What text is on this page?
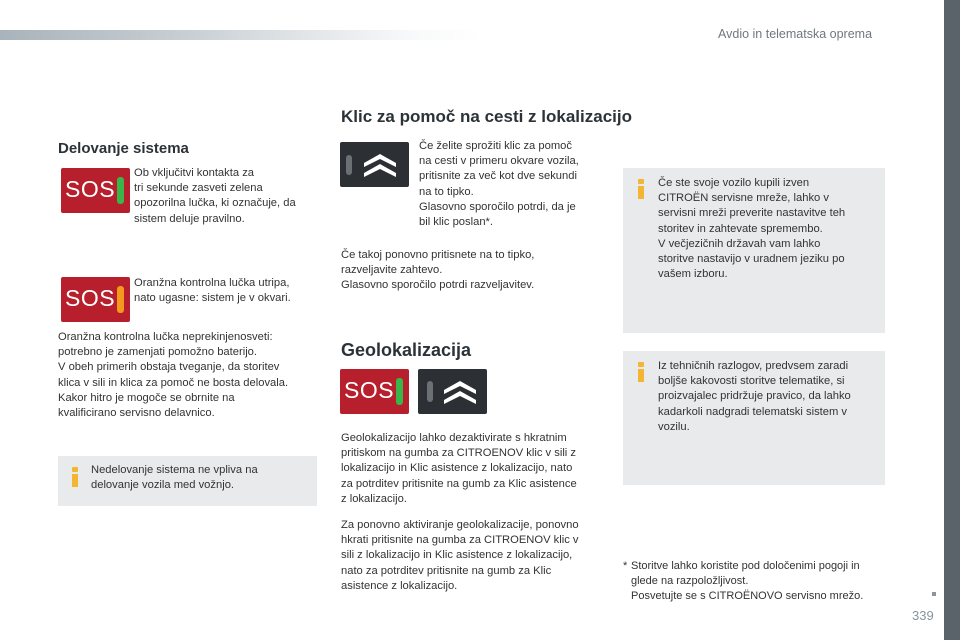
Avdio in telematska oprema
339
Delovanje sistema
SOS
Ob vključitvi kontakta za
tri sekunde zasveti zelena
opozorilna lučka, ki označuje, da
sistem deluje pravilno.
SOS
Oranžna kontrolna lučka utripa,
nato ugasne: sistem je v okvari.
Oranžna kontrolna lučka neprekinjenosveti:
potrebno je zamenjati pomožno baterijo.
V obeh primerih obstaja tveganje, da storitev
klica v sili in klica za pomoč ne bosta delovala.
Kakor hitro je mogoče se obrnite na
kvalificirano servisno delavnico.
Nedelovanje sistema ne vpliva na
delovanje vozila med vožnjo.
Klic za pomoč na cesti z lokalizacijo
Če želite sprožiti klic za pomoč
na cesti v primeru okvare vozila,
pritisnite za več kot dve sekundi
na to tipko.
Glasovno sporočilo potrdi, da je
bil klic poslan*.
Če takoj ponovno pritisnete na to tipko,
razveljavite zahtevo.
Glasovno sporočilo potrdi razveljavitev.
Geolokalizacija
SOS
Geolokalizacijo lahko dezaktivirate s hkratnim
pritiskom na gumba za CITROENOV klic v sili z
lokalizacijo in Klic asistence z lokalizacijo, nato
za potrditev pritisnite na gumb za Klic asistence
z lokalizacijo.
Za ponovno aktiviranje geolokalizacije, ponovno
hkrati pritisnite na gumba za CITROENOV klic v
sili z lokalizacijo in Klic asistence z lokalizacijo,
nato za potrditev pritisnite na gumb za Klic
asistence z lokalizacijo.
Če ste svoje vozilo kupili izven
CITROËN servisne mreže, lahko v
servisni mreži preverite nastavitve teh
storitev in zahtevate spremembo.
V večjezičnih državah vam lahko
storitve nastavijo v uradnem jeziku po
vašem izboru.
Iz tehničnih razlogov, predvsem zaradi
boljše kakovosti storitve telematike, si
proizvajalec pridržuje pravico, da lahko
kadarkoli nadgradi telematski sistem v
vozilu.
* Storitve lahko koristite pod določenimi pogoji in
glede na razpoložljivost.
Posvetujte se s CITROËNOVO servisno mrežo.
